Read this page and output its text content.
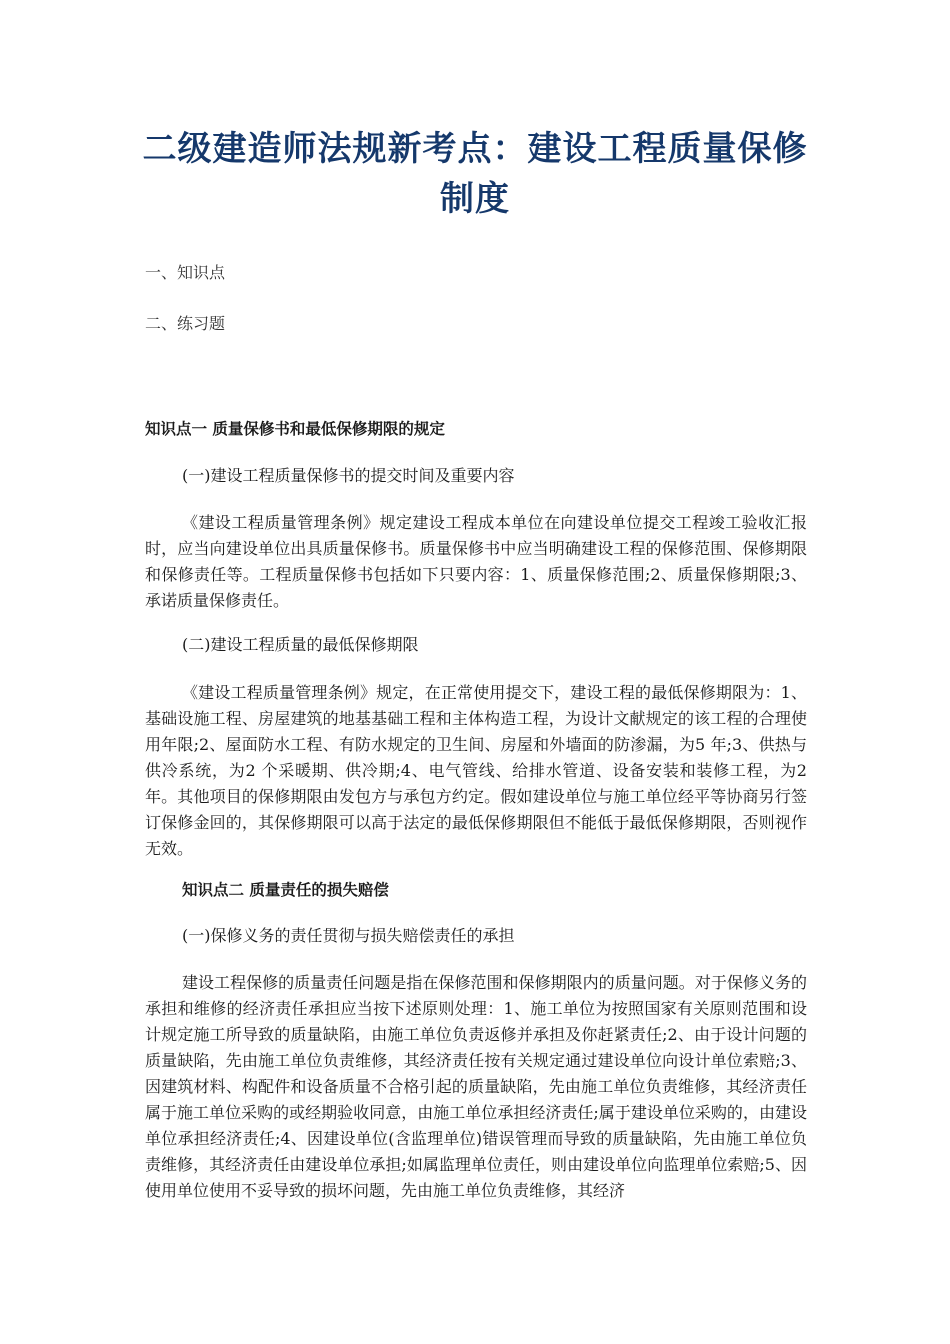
二级建造师法规新考点：建设工程质量保修制度
一、知识点
二、练习题
知识点一 质量保修书和最低保修期限的规定
(一)建设工程质量保修书的提交时间及重要内容

《建设工程质量管理条例》规定建设工程成本单位在向建设单位提交工程竣工验收汇报时，应当向建设单位出具质量保修书。质量保修书中应当明确建设工程的保修范围、保修期限和保修责任等。工程质量保修书包括如下只要内容：1、质量保修范围;2、质量保修期限;3、承诺质量保修责任。

(二)建设工程质量的最低保修期限

《建设工程质量管理条例》规定，在正常使用提交下，建设工程的最低保修期限为：1、基础设施工程、房屋建筑的地基基础工程和主体构造工程，为设计文献规定的该工程的合理使用年限;2、屋面防水工程、有防水规定的卫生间、房屋和外墙面的防渗漏，为5 年;3、供热与供冷系统，为2 个采暖期、供冷期;4、电气管线、给排水管道、设备安装和装修工程，为2 年。其他项目的保修期限由发包方与承包方约定。假如建设单位与施工单位经平等协商另行签订保修金回的，其保修期限可以高于法定的最低保修期限但不能低于最低保修期限，否则视作无效。

知识点二 质量责任的损失赔偿
(一)保修义务的责任贯彻与损失赔偿责任的承担

建设工程保修的质量责任问题是指在保修范围和保修期限内的质量问题。对于保修义务的承担和维修的经济责任承担应当按下述原则处理：1、施工单位为按照国家有关原则范围和设计规定施工所导致的质量缺陷，由施工单位负责返修并承担及你赶紧责任;2、由于设计问题的质量缺陷，先由施工单位负责维修，其经济责任按有关规定通过建设单位向设计单位索赔;3、因建筑材料、构配件和设备质量不合格引起的质量缺陷，先由施工单位负责维修，其经济责任属于施工单位采购的或经期验收同意，由施工单位承担经济责任;属于建设单位采购的，由建设单位承担经济责任;4、因建设单位(含监理单位)错误管理而导致的质量缺陷，先由施工单位负责维修，其经济责任由建设单位承担;如属监理单位责任，则由建设单位向监理单位索赔;5、因使用单位使用不妥导致的损坏问题，先由施工单位负责维修，其经济
